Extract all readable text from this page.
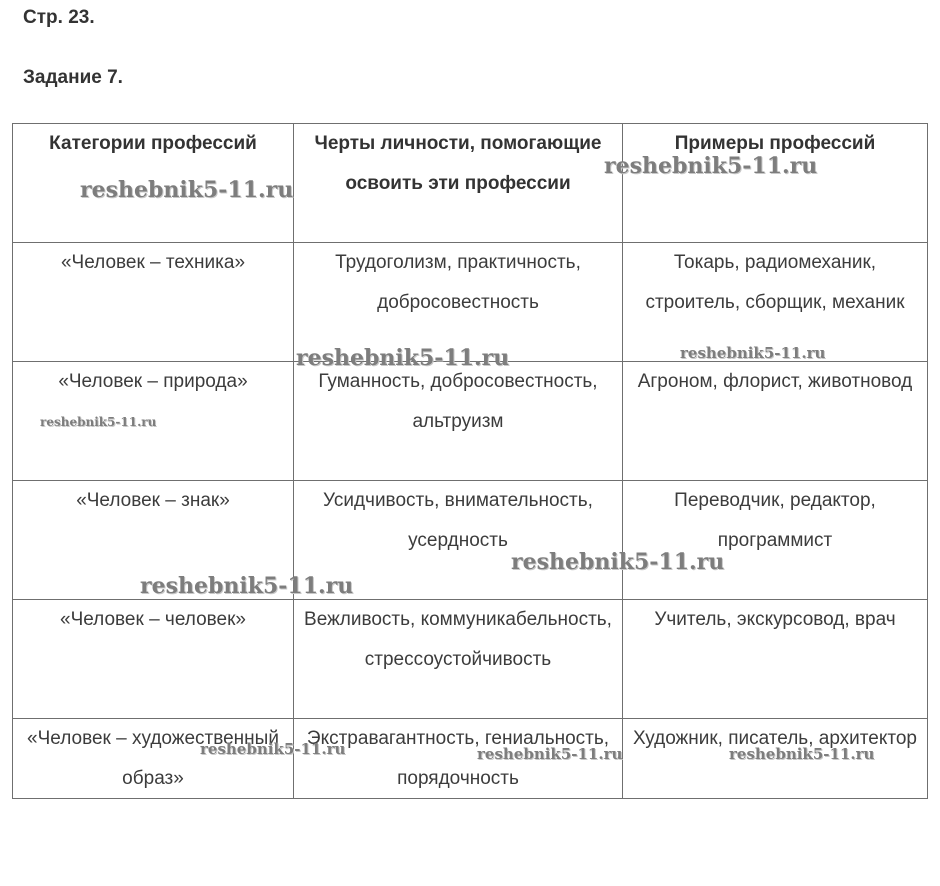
Стр. 23.
Задание 7.
Категории профессий	Черты личности, помогающие освоить эти профессии	Примеры профессий
«Человек – техника»	Трудоголизм, практичность, добросовестность	Токарь, радиомеханик, строитель, сборщик, механик
«Человек – природа»	Гуманность, добросовестность, альтруизм	Агроном, флорист, животновод
«Человек – знак»	Усидчивость, внимательность, усердность	Переводчик, редактор, программист
«Человек – человек»	Вежливость, коммуникабельность, стрессоустойчивость	Учитель, экскурсовод, врач
«Человек – художественный образ»	Экстравагантность, гениальность, порядочность	Художник, писатель, архитектор
reshebnik5-11.ru
reshebnik5-11.ru
reshebnik5-11.ru	reshebnik5-11.ru
reshebnik5-11.ru
reshebnik5-11.ru
reshebnik5-11.ru
reshebnik5-11.ru	reshebnik5-11.ru	reshebnik5-11.ru
